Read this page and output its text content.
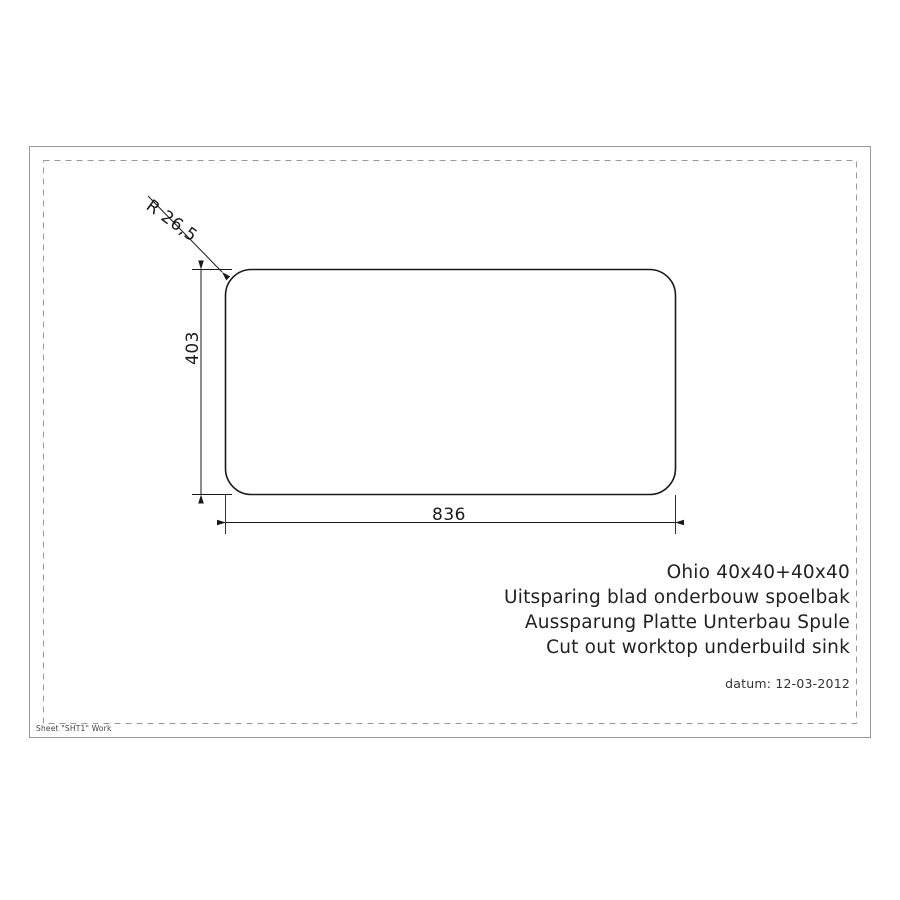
836
403
R 26,5
Ohio 40x40+40x40
Uitsparing blad onderbouw spoelbak
Aussparung Platte Unterbau Spule
Cut out worktop underbuild sink
datum: 12-03-2012
Sheet "SHT1" Work
